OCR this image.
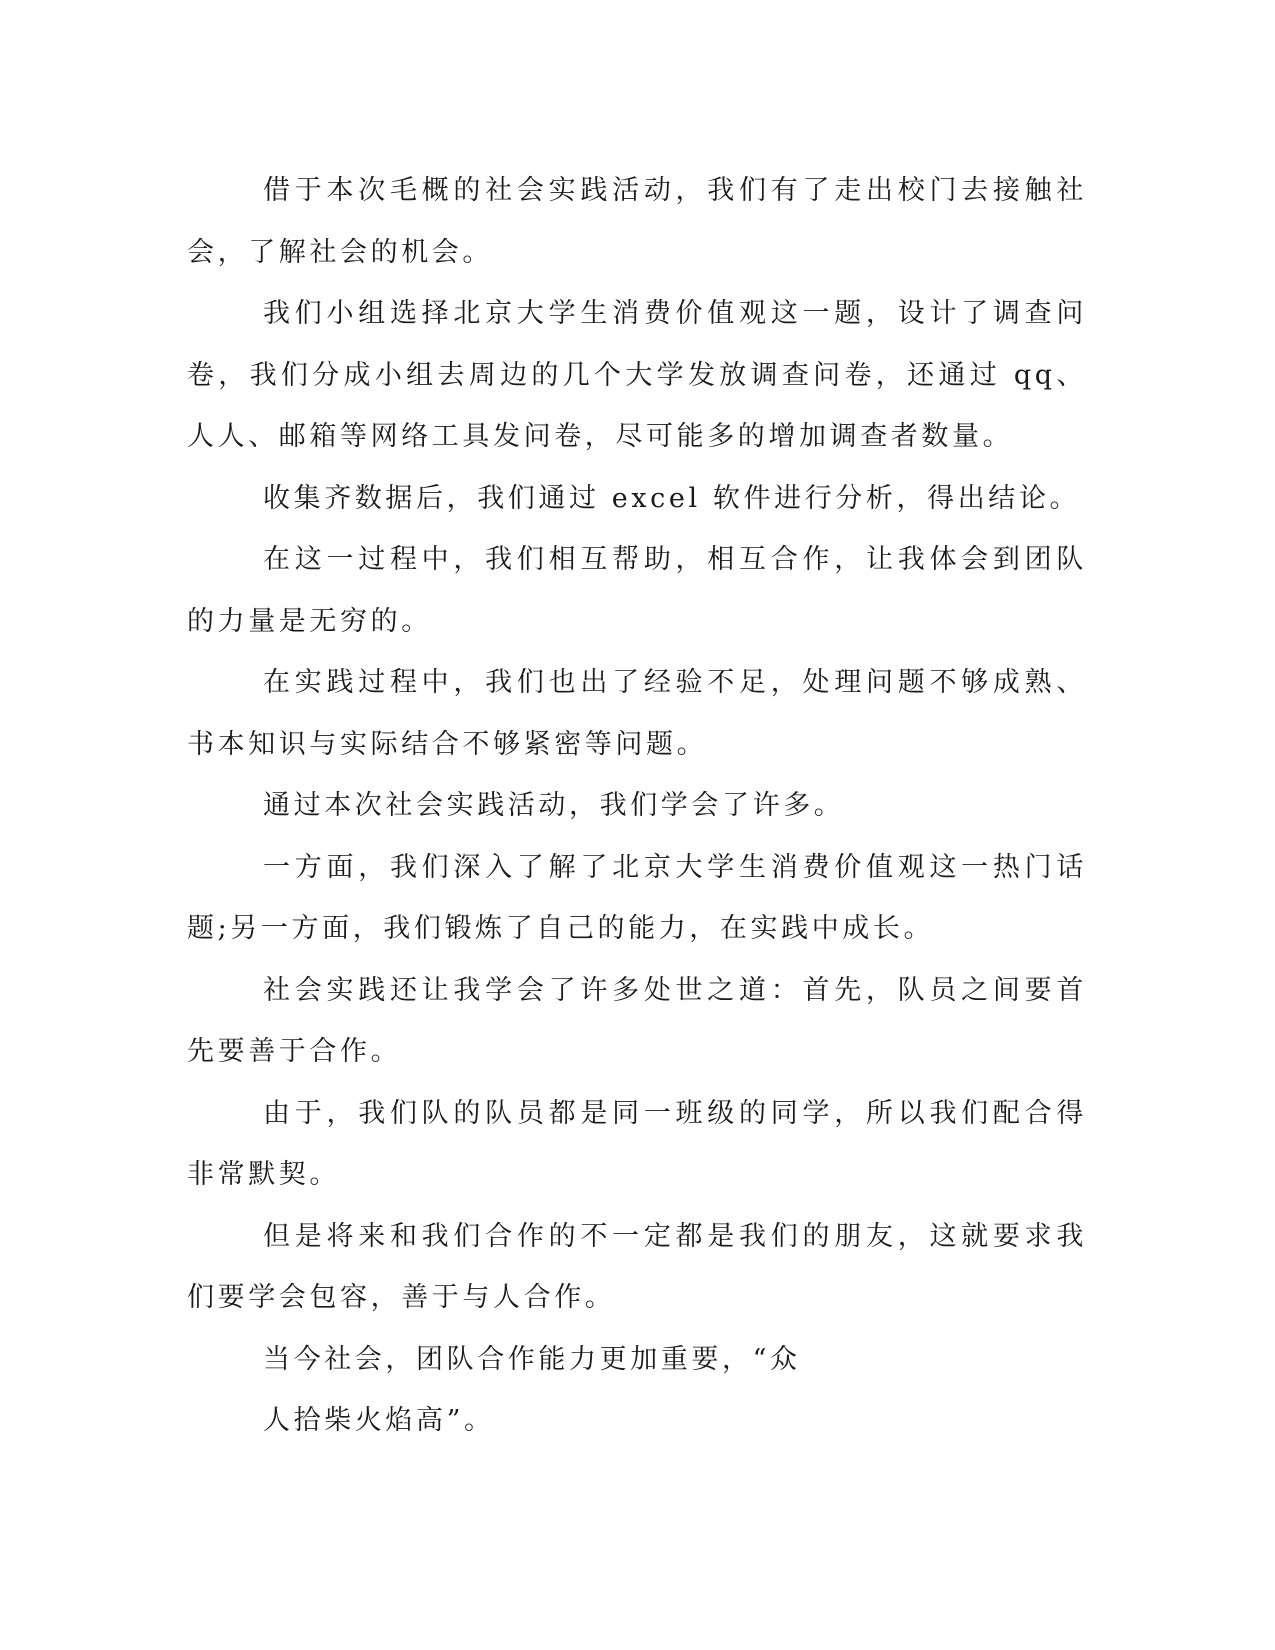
借于本次毛概的社会实践活动，我们有了走出校门去接触社会，了解社会的机会。

我们小组选择北京大学生消费价值观这一题，设计了调查问卷，我们分成小组去周边的几个大学发放调查问卷，还通过 qq、人人、邮箱等网络工具发问卷，尽可能多的增加调查者数量。

收集齐数据后，我们通过 excel 软件进行分析，得出结论。

在这一过程中，我们相互帮助，相互合作，让我体会到团队的力量是无穷的。

在实践过程中，我们也出了经验不足，处理问题不够成熟、书本知识与实际结合不够紧密等问题。

通过本次社会实践活动，我们学会了许多。

一方面，我们深入了解了北京大学生消费价值观这一热门话题;另一方面，我们锻炼了自己的能力，在实践中成长。

社会实践还让我学会了许多处世之道：首先，队员之间要首先要善于合作。

由于，我们队的队员都是同一班级的同学，所以我们配合得非常默契。

但是将来和我们合作的不一定都是我们的朋友，这就要求我们要学会包容，善于与人合作。

当今社会，团队合作能力更加重要，“众

人拾柴火焰高”。
